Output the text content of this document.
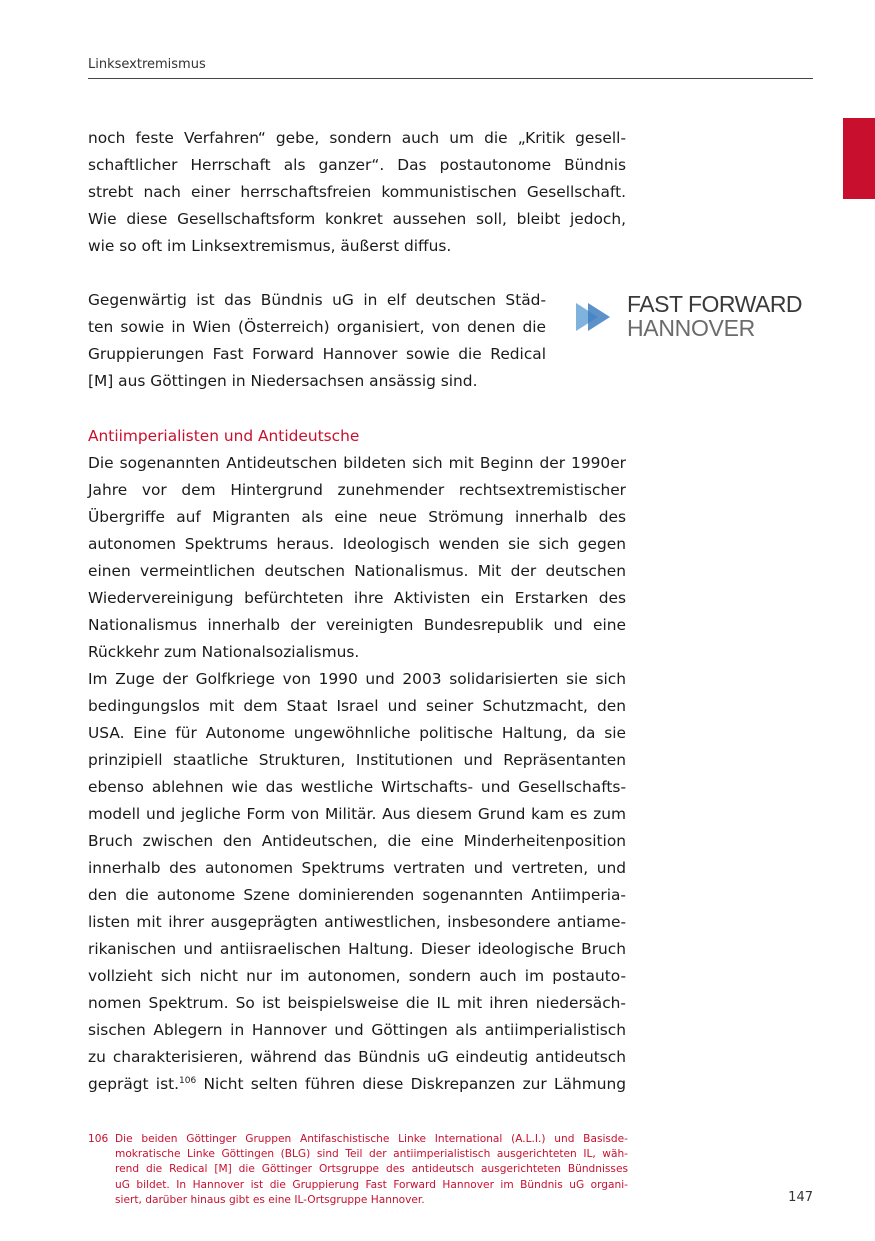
Linksextremismus

noch feste Verfahren“ gebe, sondern auch um die „Kritik gesell-
schaftlicher Herrschaft als ganzer“. Das postautonome Bündnis
strebt nach einer herrschaftsfreien kommunistischen Gesellschaft.
Wie diese Gesellschaftsform konkret aussehen soll, bleibt jedoch,
wie so oft im Linksextremismus, äußerst diffus.

Gegenwärtig ist das Bündnis uG in elf deutschen Städ-
ten sowie in Wien (Österreich) organisiert, von denen die
Gruppierungen Fast Forward Hannover sowie die Redical
[M] aus Göttingen in Niedersachsen ansässig sind.

FAST FORWARD
HANNOVER
Antiimperialisten und Antideutsche

Die sogenannten Antideutschen bildeten sich mit Beginn der 1990er
Jahre vor dem Hintergrund zunehmender rechtsextremistischer
Übergriffe auf Migranten als eine neue Strömung innerhalb des
autonomen Spektrums heraus. Ideologisch wenden sie sich gegen
einen vermeintlichen deutschen Nationalismus. Mit der deutschen
Wiedervereinigung befürchteten ihre Aktivisten ein Erstarken des
Nationalismus innerhalb der vereinigten Bundesrepublik und eine
Rückkehr zum Nationalsozialismus.

Im Zuge der Golfkriege von 1990 und 2003 solidarisierten sie sich
bedingungslos mit dem Staat Israel und seiner Schutzmacht, den
USA. Eine für Autonome ungewöhnliche politische Haltung, da sie
prinzipiell staatliche Strukturen, Institutionen und Repräsentanten
ebenso ablehnen wie das westliche Wirtschafts- und Gesellschafts-
modell und jegliche Form von Militär. Aus diesem Grund kam es zum
Bruch zwischen den Antideutschen, die eine Minderheitenposition
innerhalb des autonomen Spektrums vertraten und vertreten, und
den die autonome Szene dominierenden sogenannten Antiimperia-
listen mit ihrer ausgeprägten antiwestlichen, insbesondere antiame-
rikanischen und antiisraelischen Haltung. Dieser ideologische Bruch
vollzieht sich nicht nur im autonomen, sondern auch im postauto-
nomen Spektrum. So ist beispielsweise die IL mit ihren niedersäch-
sischen Ablegern in Hannover und Göttingen als antiimperialistisch
zu charakterisieren, während das Bündnis uG eindeutig antideutsch
geprägt ist.$^{106}$ Nicht selten führen diese Diskrepanzen zur Lähmung

106 Die beiden Göttinger Gruppen Antifaschistische Linke International (A.L.I.) und Basisde-
mokratische Linke Göttingen (BLG) sind Teil der antiimperialistisch ausgerichteten IL, wäh-
rend die Redical [M] die Göttinger Ortsgruppe des antideutsch ausgerichteten Bündnisses
uG bildet. In Hannover ist die Gruppierung Fast Forward Hannover im Bündnis uG organi-
siert, darüber hinaus gibt es eine IL-Ortsgruppe Hannover.	147
